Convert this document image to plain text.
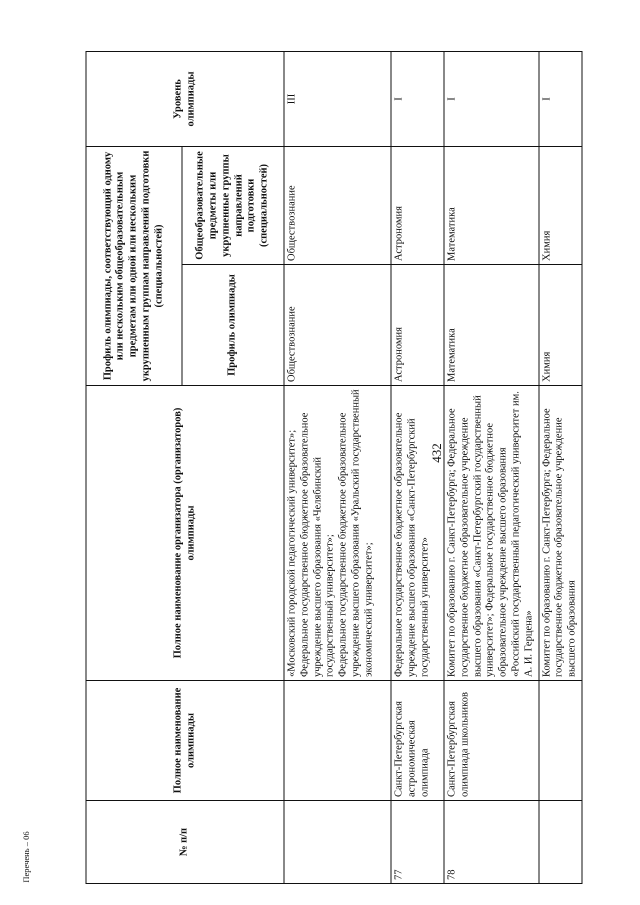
432
№ п/п	Полное наименование олимпиады	Полное наименование организатора (организаторов) олимпиады	Профиль олимпиады, соответствующий одному или нескольким общеобразовательным предметам или одной или нескольким укрупненным группам направлений подготовки (специальностей)		Уровень олимпиады
			Профиль олимпиады	Общеобразовательные предметы или укрупненные группы направлений подготовки (специальностей)	

		«Московский городской педагогический университет»; Федеральное государственное бюджетное образовательное учреждение высшего образования «Челябинский государственный университет»; Федеральное государственное бюджетное образовательное учреждение высшего образования «Уральский государственный экономический университет»;	Обществознание	Обществознание	III
77	Санкт-Петербургская астрономическая олимпиада	Федеральное государственное бюджетное образовательное учреждение высшего образования «Санкт-Петербургский государственный университет»	Астрономия	Астрономия	I
78	Санкт-Петербургская олимпиада школьников	Комитет по образованию г. Санкт-Петербурга; Федеральное государственное бюджетное образовательное учреждение высшего образования «Санкт-Петербургский государственный университет»; Федеральное государственное бюджетное образовательное учреждение высшего образования «Российский государственный педагогический университет им. А. И. Герцена»	Математика	Математика	I

		Комитет по образованию г. Санкт-Петербурга; Федеральное государственное бюджетное образовательное учреждение высшего образования	Химия	Химия	I
Перечень – 06
